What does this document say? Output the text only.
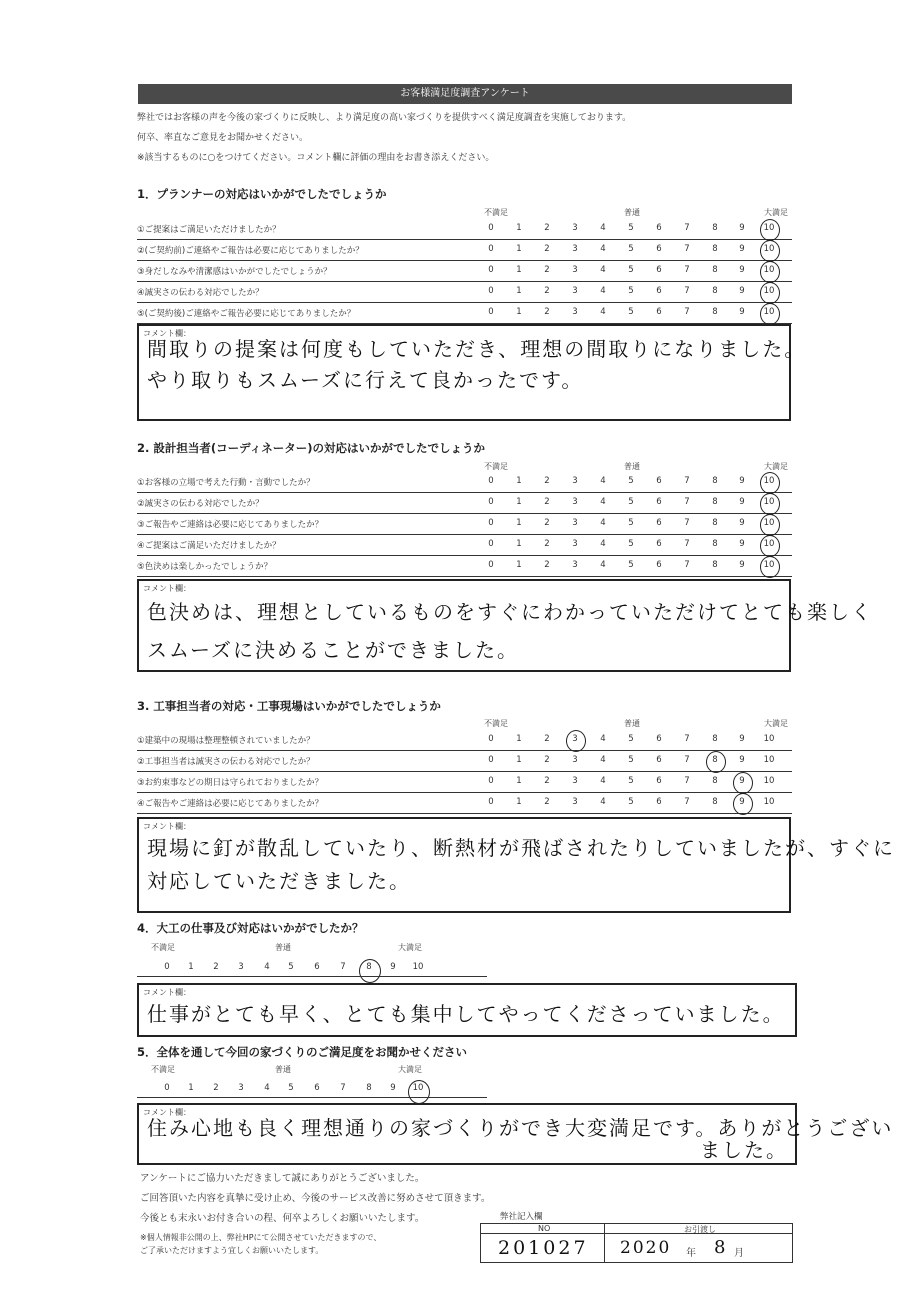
お客様満足度調査アンケート
弊社ではお客様の声を今後の家づくりに反映し、より満足度の高い家づくりを提供すべく満足度調査を実施しております。
何卒、率直なご意見をお聞かせください。
※該当するものに○をつけてください。コメント欄に評価の理由をお書き添えください。
1．プランナーの対応はいかがでしたでしょうか
不満足	普通	大満足
①ご提案はご満足いただけましたか？	0	1	2	3	4	5	6	7	8	9	10
②(ご契約前)ご連絡やご報告は必要に応じてありましたか？	0	1	2	3	4	5	6	7	8	9	10
③身だしなみや清潔感はいかがでしたでしょうか？	0	1	2	3	4	5	6	7	8	9	10
④誠実さの伝わる対応でしたか？	0	1	2	3	4	5	6	7	8	9	10
⑤(ご契約後)ご連絡やご報告必要に応じてありましたか？	0	1	2	3	4	5	6	7	8	9	10
コメント欄：
間取りの提案は何度もしていただき、理想の間取りになりました。
やり取りもスムーズに行えて良かったです。
2. 設計担当者(コーディネーター)の対応はいかがでしたでしょうか
不満足	普通	大満足
①お客様の立場で考えた行動・言動でしたか？	0	1	2	3	4	5	6	7	8	9	10
②誠実さの伝わる対応でしたか？	0	1	2	3	4	5	6	7	8	9	10
③ご報告やご連絡は必要に応じてありましたか？	0	1	2	3	4	5	6	7	8	9	10
④ご提案はご満足いただけましたか？	0	1	2	3	4	5	6	7	8	9	10
⑤色決めは楽しかったでしょうか？	0	1	2	3	4	5	6	7	8	9	10
コメント欄：
色決めは、理想としているものをすぐにわかっていただけてとても楽しく
スムーズに決めることができました。
3. 工事担当者の対応・工事現場はいかがでしたでしょうか
不満足	普通	大満足
①建築中の現場は整理整頓されていましたか？	0	1	2	3	4	5	6	7	8	9	10
②工事担当者は誠実さの伝わる対応でしたか？	0	1	2	3	4	5	6	7	8	9	10
③お約束事などの期日は守られておりましたか？	0	1	2	3	4	5	6	7	8	9	10
④ご報告やご連絡は必要に応じてありましたか？	0	1	2	3	4	5	6	7	8	9	10
コメント欄：
現場に釘が散乱していたり、断熱材が飛ばされたりしていましたが、すぐに
対応していただきました。
4．大工の仕事及び対応はいかがでしたか？
不満足	普通	大満足
0	1	2	3	4	5	6	7	8	9	10
コメント欄：
仕事がとても早く、とても集中してやってくださっていました。
5．全体を通して今回の家づくりのご満足度をお聞かせください
不満足	普通	大満足
0	1	2	3	4	5	6	7	8	9	10
コメント欄：
住み心地も良く理想通りの家づくりができ大変満足です。ありがとうござい
ました。
アンケートにご協力いただきまして誠にありがとうございました。
ご回答頂いた内容を真摯に受け止め、今後のサービス改善に努めさせて頂きます。
今後とも末永いお付き合いの程、何卒よろしくお願いいたします。
※個人情報非公開の上、弊社HPにて公開させていただきますので、
ご了承いただけますよう宜しくお願いいたします。
弊社記入欄
NO	お引渡し
201027 2020 年 8 月
